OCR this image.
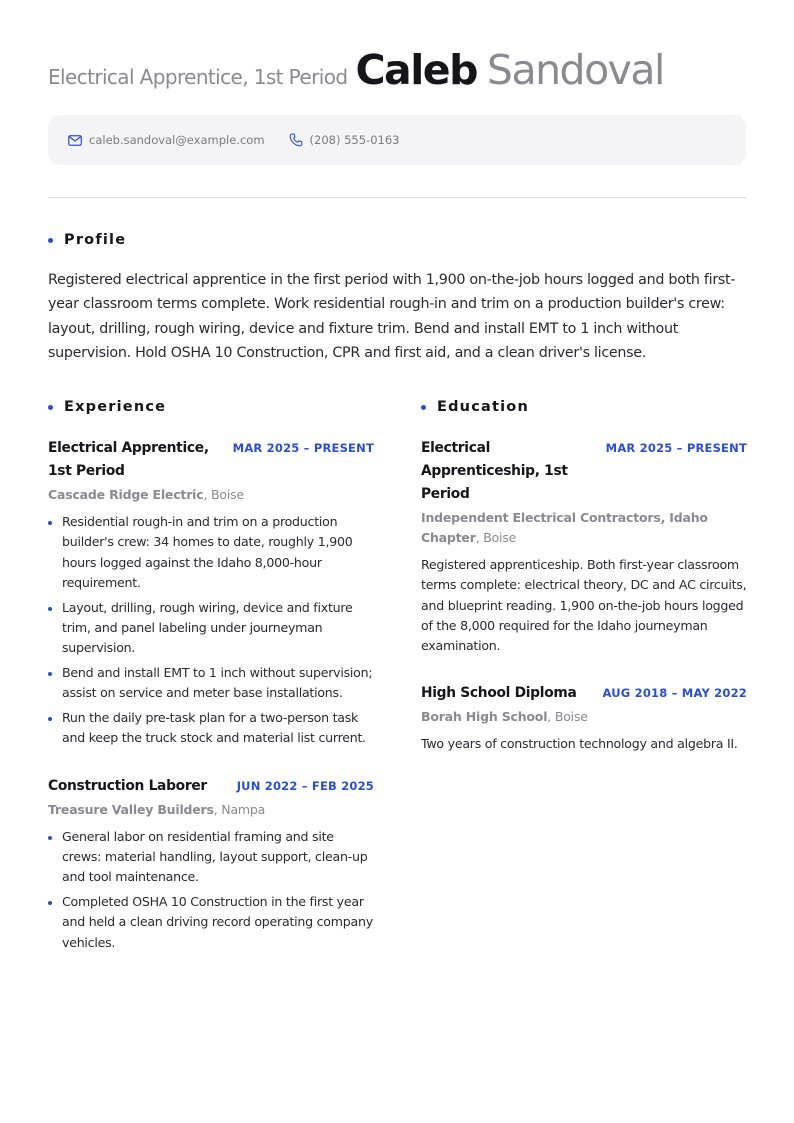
Electrical Apprentice, 1st Period Caleb Sandoval
caleb.sandoval@example.com	(208) 555-0163
Profile

Registered electrical apprentice in the first period with 1,900 on-the-job hours logged and both first-year classroom terms complete. Work residential rough-in and trim on a production builder's crew: layout, drilling, rough wiring, device and fixture trim. Bend and install EMT to 1 inch without supervision. Hold OSHA 10 Construction, CPR and first aid, and a clean driver's license.

Experience
Electrical Apprentice, 1st Period
MAR 2025 – PRESENT
Cascade Ridge Electric, Boise
Residential rough-in and trim on a production builder's crew: 34 homes to date, roughly 1,900 hours logged against the Idaho 8,000-hour requirement.
Layout, drilling, rough wiring, device and fixture trim, and panel labeling under journeyman supervision.
Bend and install EMT to 1 inch without supervision; assist on service and meter base installations.
Run the daily pre-task plan for a two-person task and keep the truck stock and material list current.
Construction Laborer	JUN 2022 – FEB 2025
Treasure Valley Builders, Nampa
General labor on residential framing and site crews: material handling, layout support, clean-up and tool maintenance.
Completed OSHA 10 Construction in the first year and held a clean driving record operating company vehicles.
Education
Electrical Apprenticeship, 1st Period
MAR 2025 – PRESENT
Independent Electrical Contractors, Idaho Chapter, Boise

Registered apprenticeship. Both first-year classroom terms complete: electrical theory, DC and AC circuits, and blueprint reading. 1,900 on-the-job hours logged of the 8,000 required for the Idaho journeyman examination.

High School Diploma	AUG 2018 – MAY 2022
Borah High School, Boise

Two years of construction technology and algebra II.
